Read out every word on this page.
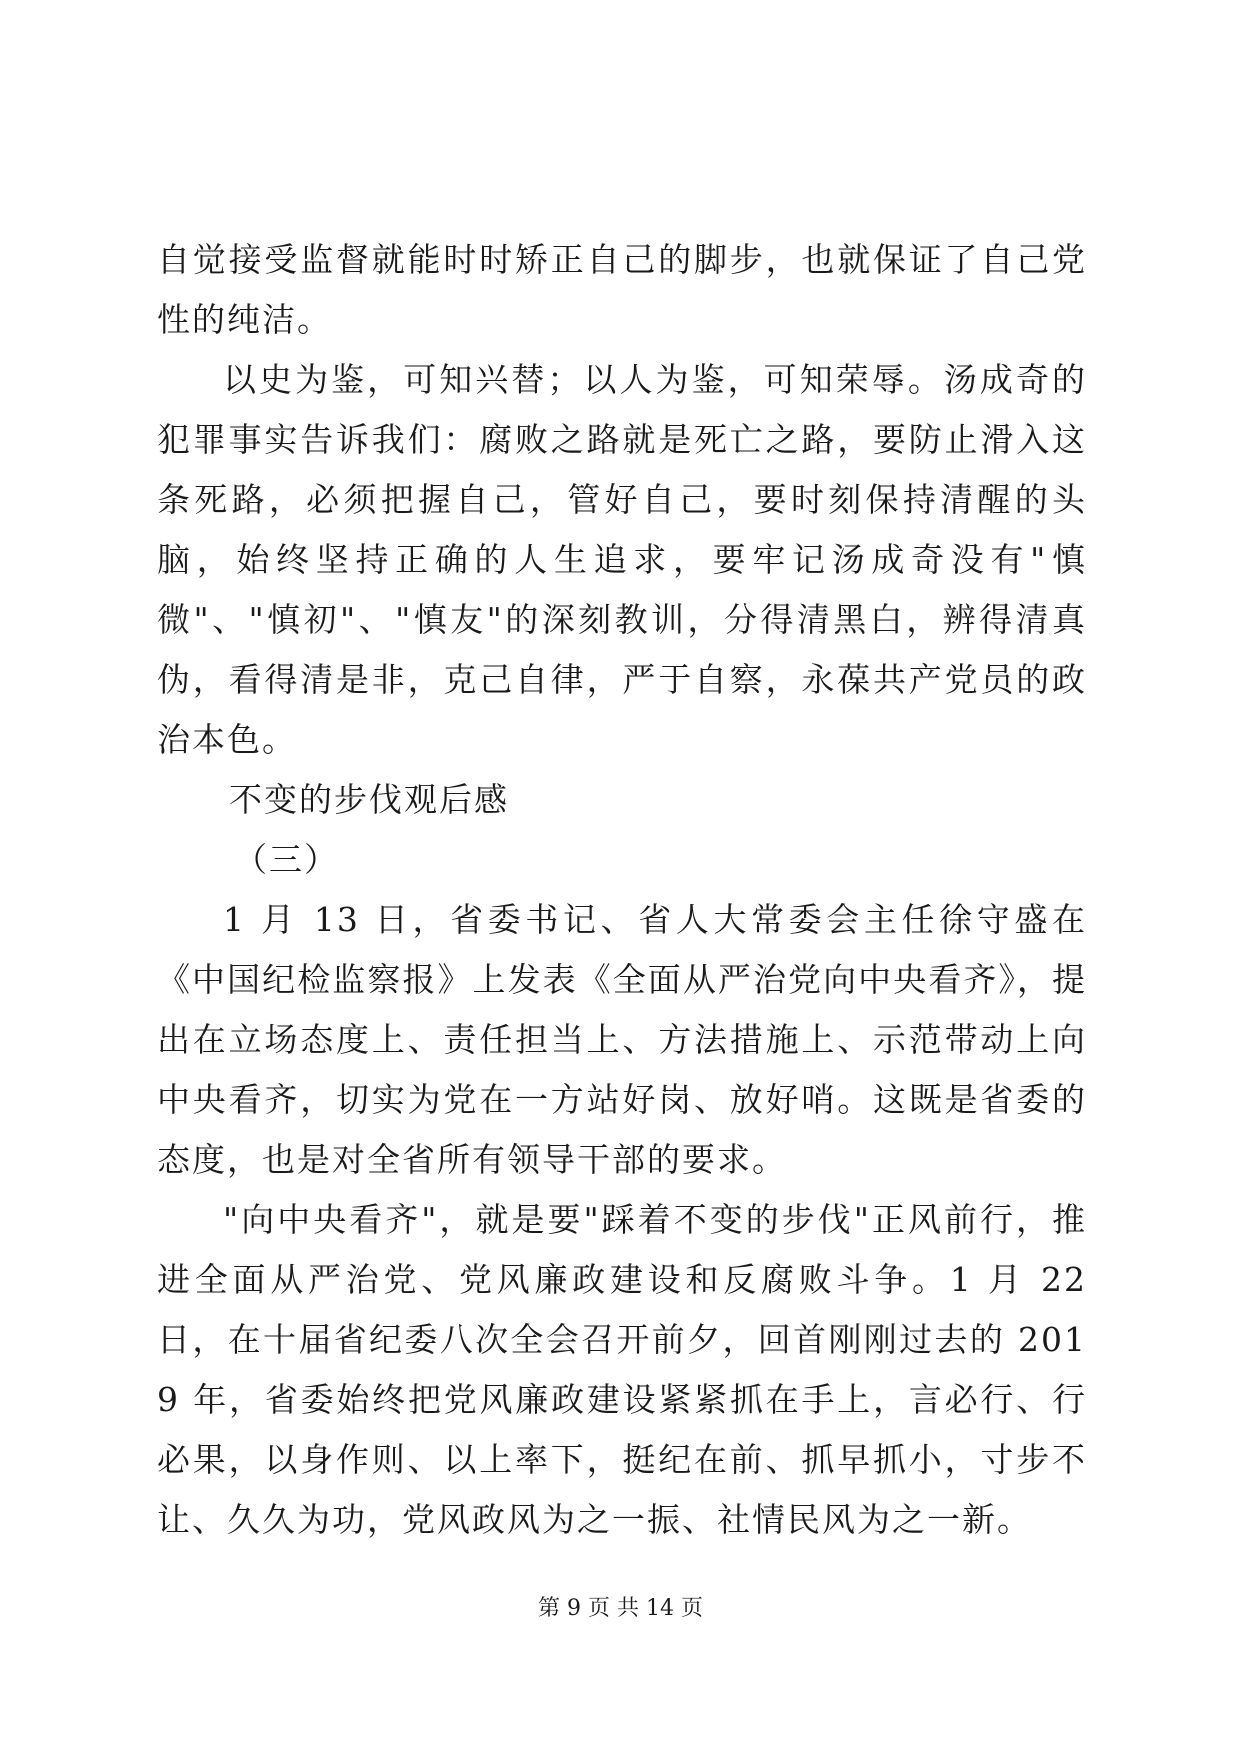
自觉接受监督就能时时矫正自己的脚步，也就保证了自己党性的纯洁。

以史为鉴，可知兴替；以人为鉴，可知荣辱。汤成奇的犯罪事实告诉我们：腐败之路就是死亡之路，要防止滑入这条死路，必须把握自己，管好自己，要时刻保持清醒的头脑，始终坚持正确的人生追求，要牢记汤成奇没有"慎微"、"慎初"、"慎友"的深刻教训，分得清黑白，辨得清真伪，看得清是非，克己自律，严于自察，永葆共产党员的政治本色。

不变的步伐观后感

（三）

1 月 13 日，省委书记、省人大常委会主任徐守盛在《中国纪检监察报》上发表《全面从严治党向中央看齐》，提出在立场态度上、责任担当上、方法措施上、示范带动上向中央看齐，切实为党在一方站好岗、放好哨。这既是省委的态度，也是对全省所有领导干部的要求。

"向中央看齐"，就是要"踩着不变的步伐"正风前行，推进全面从严治党、党风廉政建设和反腐败斗争。1 月 22 日，在十届省纪委八次全会召开前夕，回首刚刚过去的 2019 年，省委始终把党风廉政建设紧紧抓在手上，言必行、行必果，以身作则、以上率下，挺纪在前、抓早抓小，寸步不让、久久为功，党风政风为之一振、社情民风为之一新。

第 9 页 共 14 页
